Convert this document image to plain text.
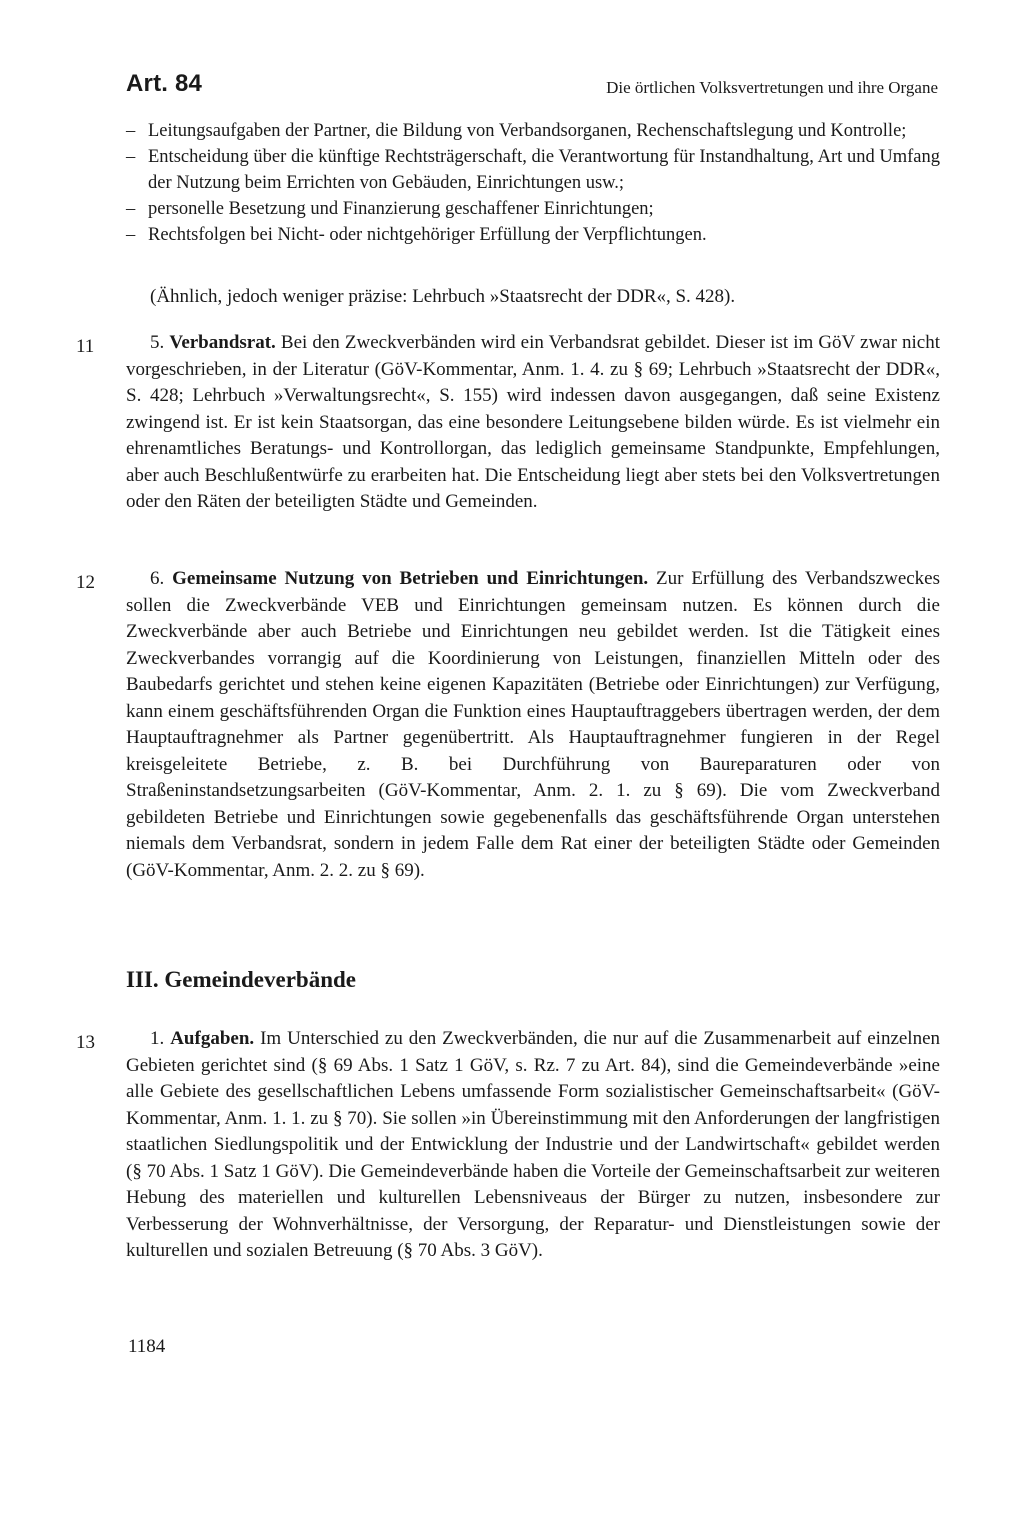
Art. 84	Die örtlichen Volksvertretungen und ihre Organe
– Leitungsaufgaben der Partner, die Bildung von Verbandsorganen, Rechenschaftslegung und Kontrolle;
– Entscheidung über die künftige Rechtsträgerschaft, die Verantwortung für Instandhaltung, Art und Umfang der Nutzung beim Errichten von Gebäuden, Einrichtungen usw.;
– personelle Besetzung und Finanzierung geschaffener Einrichtungen;
– Rechtsfolgen bei Nicht- oder nichtgehöriger Erfüllung der Verpflichtungen.
(Ähnlich, jedoch weniger präzise: Lehrbuch »Staatsrecht der DDR«, S. 428).
11	5. Verbandsrat. Bei den Zweckverbänden wird ein Verbandsrat gebildet. Dieser ist im GöV zwar nicht vorgeschrieben, in der Literatur (GöV-Kommentar, Anm. 1. 4. zu § 69; Lehrbuch »Staatsrecht der DDR«, S. 428; Lehrbuch »Verwaltungsrecht«, S. 155) wird indessen davon ausgegangen, daß seine Existenz zwingend ist. Er ist kein Staatsorgan, das eine besondere Leitungsebene bilden würde. Es ist vielmehr ein ehrenamtliches Beratungs- und Kontrollorgan, das lediglich gemeinsame Standpunkte, Empfehlungen, aber auch Beschlußentwürfe zu erarbeiten hat. Die Entscheidung liegt aber stets bei den Volksvertretungen oder den Räten der beteiligten Städte und Gemeinden.

12	6. Gemeinsame Nutzung von Betrieben und Einrichtungen. Zur Erfüllung des Verbandszweckes sollen die Zweckverbände VEB und Einrichtungen gemeinsam nutzen. Es können durch die Zweckverbände aber auch Betriebe und Einrichtungen neu gebildet werden. Ist die Tätigkeit eines Zweckverbandes vorrangig auf die Koordinierung von Leistungen, finanziellen Mitteln oder des Baubedarfs gerichtet und stehen keine eigenen Kapazitäten (Betriebe oder Einrichtungen) zur Verfügung, kann einem geschäftsführenden Organ die Funktion eines Hauptauftraggebers übertragen werden, der dem Hauptauftragnehmer als Partner gegenübertritt. Als Hauptauftragnehmer fungieren in der Regel kreisgeleitete Betriebe, z. B. bei Durchführung von Baureparaturen oder von Straßeninstandsetzungsarbeiten (GöV-Kommentar, Anm. 2. 1. zu § 69). Die vom Zweckverband gebildeten Betriebe und Einrichtungen sowie gegebenenfalls das geschäftsführende Organ unterstehen niemals dem Verbandsrat, sondern in jedem Falle dem Rat einer der beteiligten Städte oder Gemeinden (GöV-Kommentar, Anm. 2. 2. zu § 69).

III. Gemeindeverbände
13	1. Aufgaben. Im Unterschied zu den Zweckverbänden, die nur auf die Zusammenarbeit auf einzelnen Gebieten gerichtet sind (§ 69 Abs. 1 Satz 1 GöV, s. Rz. 7 zu Art. 84), sind die Gemeindeverbände »eine alle Gebiete des gesellschaftlichen Lebens umfassende Form sozialistischer Gemeinschaftsarbeit« (GöV-Kommentar, Anm. 1. 1. zu § 70). Sie sollen »in Übereinstimmung mit den Anforderungen der langfristigen staatlichen Siedlungspolitik und der Entwicklung der Industrie und der Landwirtschaft« gebildet werden (§ 70 Abs. 1 Satz 1 GöV). Die Gemeindeverbände haben die Vorteile der Gemeinschaftsarbeit zur weiteren Hebung des materiellen und kulturellen Lebensniveaus der Bürger zu nutzen, insbesondere zur Verbesserung der Wohnverhältnisse, der Versorgung, der Reparatur- und Dienstleistungen sowie der kulturellen und sozialen Betreuung (§ 70 Abs. 3 GöV).

1184
